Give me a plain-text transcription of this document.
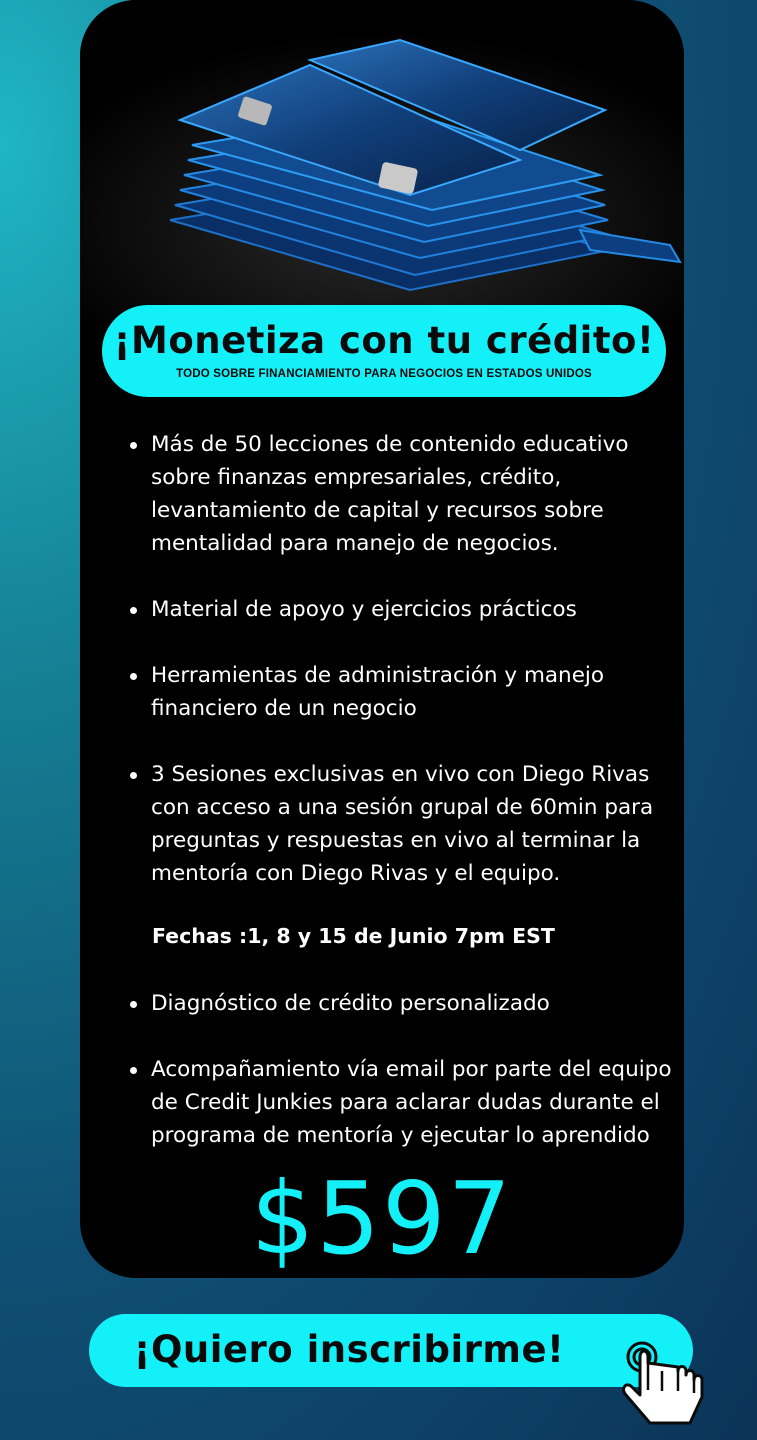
¡Monetiza con tu crédito!
TODO SOBRE FINANCIAMIENTO PARA NEGOCIOS EN ESTADOS UNIDOS

Más de 50 lecciones de contenido educativo sobre finanzas empresariales, crédito, levantamiento de capital y recursos sobre mentalidad para manejo de negocios.

Material de apoyo y ejercicios prácticos

Herramientas de administración y manejo financiero de un negocio

3 Sesiones exclusivas en vivo con Diego Rivas con acceso a una sesión grupal de 60min para preguntas y respuestas en vivo al terminar la mentoría con Diego Rivas y el equipo.

Diagnóstico de crédito personalizado

Acompañamiento vía email por parte del equipo de Credit Junkies para aclarar dudas durante el programa de mentoría y ejecutar lo aprendido

Fechas :1, 8 y 15 de Junio 7pm EST
$597
¡Quiero inscribirme!
